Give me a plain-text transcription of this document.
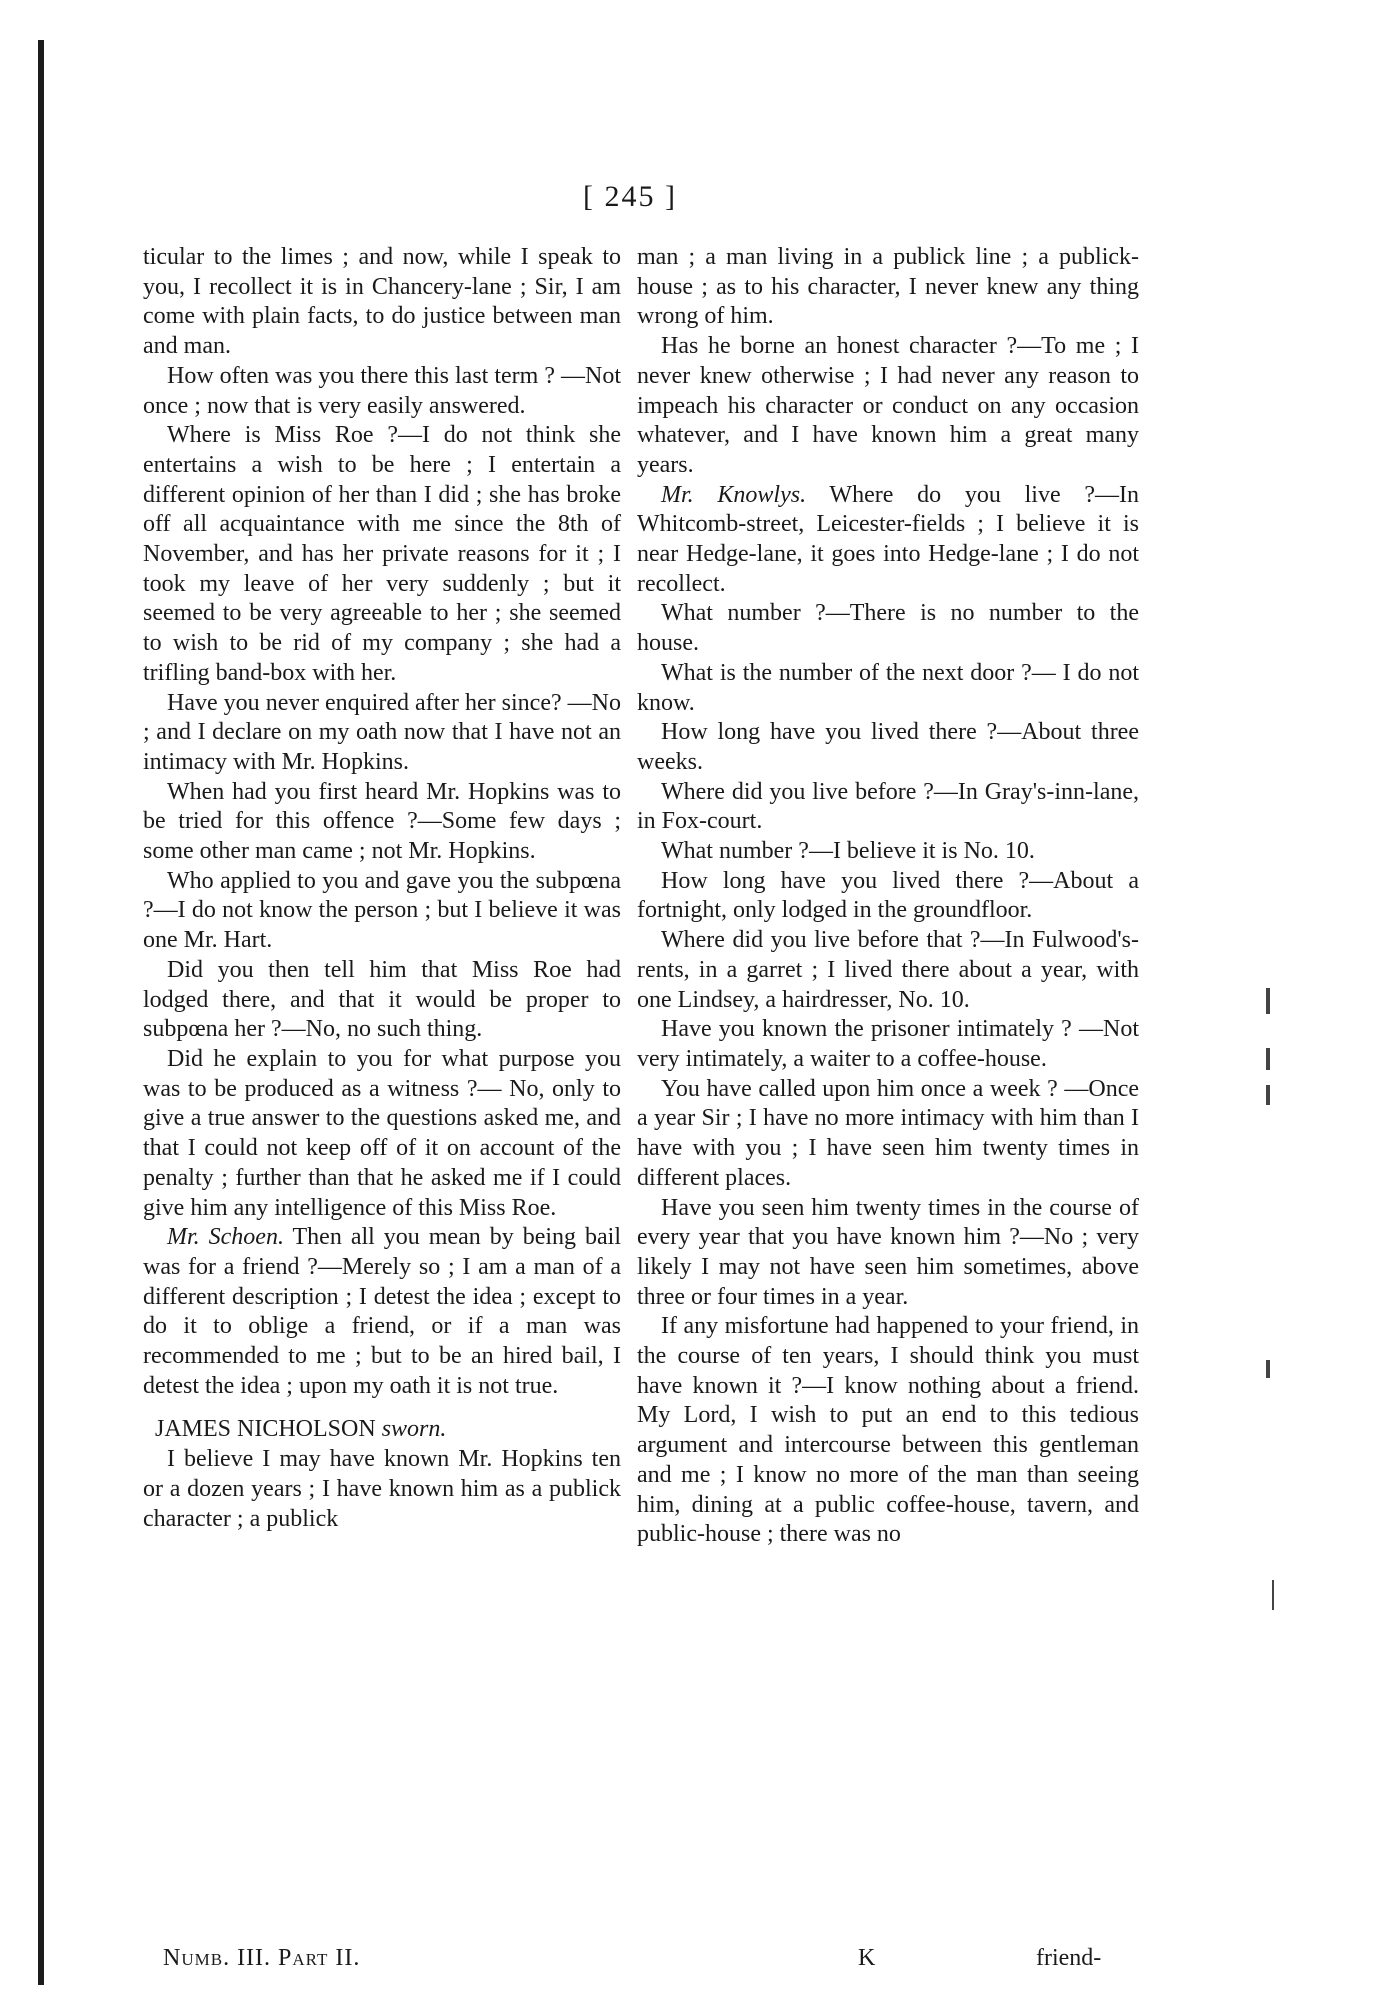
[ 245 ]

ticular to the limes ; and now, while I speak to you, I recollect it is in Chancery-lane ; Sir, I am come with plain facts, to do justice between man and man.

How often was you there this last term ? —Not once ; now that is very easily answered.

Where is Miss Roe ?—I do not think she entertains a wish to be here ; I entertain a different opinion of her than I did ; she has broke off all acquaintance with me since the 8th of November, and has her private reasons for it ; I took my leave of her very suddenly ; but it seemed to be very agreeable to her ; she seemed to wish to be rid of my company ; she had a trifling band-box with her.

Have you never enquired after her since? —No ; and I declare on my oath now that I have not an intimacy with Mr. Hopkins.

When had you first heard Mr. Hopkins was to be tried for this offence ?—Some few days ; some other man came ; not Mr. Hopkins.

Who applied to you and gave you the subpœna ?—I do not know the person ; but I believe it was one Mr. Hart.

Did you then tell him that Miss Roe had lodged there, and that it would be proper to subpœna her ?—No, no such thing.

Did he explain to you for what purpose you was to be produced as a witness ?— No, only to give a true answer to the questions asked me, and that I could not keep off of it on account of the penalty ; further than that he asked me if I could give him any intelligence of this Miss Roe.

Mr. Schoen. Then all you mean by being bail was for a friend ?—Merely so ; I am a man of a different description ; I detest the idea ; except to do it to oblige a friend, or if a man was recommended to me ; but to be an hired bail, I detest the idea ; upon my oath it is not true.

JAMES NICHOLSON sworn.

I believe I may have known Mr. Hopkins ten or a dozen years ; I have known him as a publick character ; a publick

man ; a man living in a publick line ; a publick-house ; as to his character, I never knew any thing wrong of him.

Has he borne an honest character ?—To me ; I never knew otherwise ; I had never any reason to impeach his character or conduct on any occasion whatever, and I have known him a great many years.

Mr. Knowlys. Where do you live ?—In Whitcomb-street, Leicester-fields ; I believe it is near Hedge-lane, it goes into Hedge-lane ; I do not recollect.

What number ?—There is no number to the house.

What is the number of the next door ?— I do not know.

How long have you lived there ?—About three weeks.

Where did you live before ?—In Gray's-inn-lane, in Fox-court.

What number ?—I believe it is No. 10.

How long have you lived there ?—About a fortnight, only lodged in the groundfloor.

Where did you live before that ?—In Fulwood's-rents, in a garret ; I lived there about a year, with one Lindsey, a hairdresser, No. 10.

Have you known the prisoner intimately ? —Not very intimately, a waiter to a coffee-house.

You have called upon him once a week ? —Once a year Sir ; I have no more intimacy with him than I have with you ; I have seen him twenty times in different places.

Have you seen him twenty times in the course of every year that you have known him ?—No ; very likely I may not have seen him sometimes, above three or four times in a year.

If any misfortune had happened to your friend, in the course of ten years, I should think you must have known it ?—I know nothing about a friend. My Lord, I wish to put an end to this tedious argument and intercourse between this gentleman and me ; I know no more of the man than seeing him, dining at a public coffee-house, tavern, and public-house ; there was no

Numb. III. Part II.	K	friend-
